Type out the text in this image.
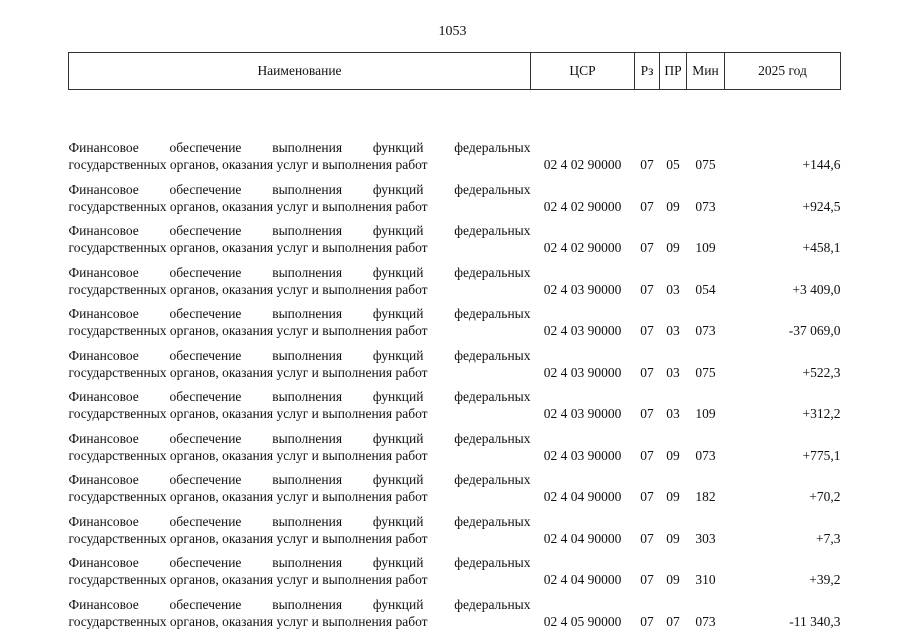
1053
Наименование	ЦСР	Рз	ПР	Мин	2025 год

Финансовое обеспечение выполнения функций федеральных
государственных органов, оказания услуг и выполнения работ	02 4 02 90000	07	05	075	+144,6

Финансовое обеспечение выполнения функций федеральных
государственных органов, оказания услуг и выполнения работ	02 4 02 90000	07	09	073	+924,5

Финансовое обеспечение выполнения функций федеральных
государственных органов, оказания услуг и выполнения работ	02 4 02 90000	07	09	109	+458,1

Финансовое обеспечение выполнения функций федеральных
государственных органов, оказания услуг и выполнения работ	02 4 03 90000	07	03	054	+3 409,0

Финансовое обеспечение выполнения функций федеральных
государственных органов, оказания услуг и выполнения работ	02 4 03 90000	07	03	073	-37 069,0

Финансовое обеспечение выполнения функций федеральных
государственных органов, оказания услуг и выполнения работ	02 4 03 90000	07	03	075	+522,3

Финансовое обеспечение выполнения функций федеральных
государственных органов, оказания услуг и выполнения работ	02 4 03 90000	07	03	109	+312,2

Финансовое обеспечение выполнения функций федеральных
государственных органов, оказания услуг и выполнения работ	02 4 03 90000	07	09	073	+775,1

Финансовое обеспечение выполнения функций федеральных
государственных органов, оказания услуг и выполнения работ	02 4 04 90000	07	09	182	+70,2

Финансовое обеспечение выполнения функций федеральных
государственных органов, оказания услуг и выполнения работ	02 4 04 90000	07	09	303	+7,3

Финансовое обеспечение выполнения функций федеральных
государственных органов, оказания услуг и выполнения работ	02 4 04 90000	07	09	310	+39,2

Финансовое обеспечение выполнения функций федеральных
государственных органов, оказания услуг и выполнения работ	02 4 05 90000	07	07	073	-11 340,3
